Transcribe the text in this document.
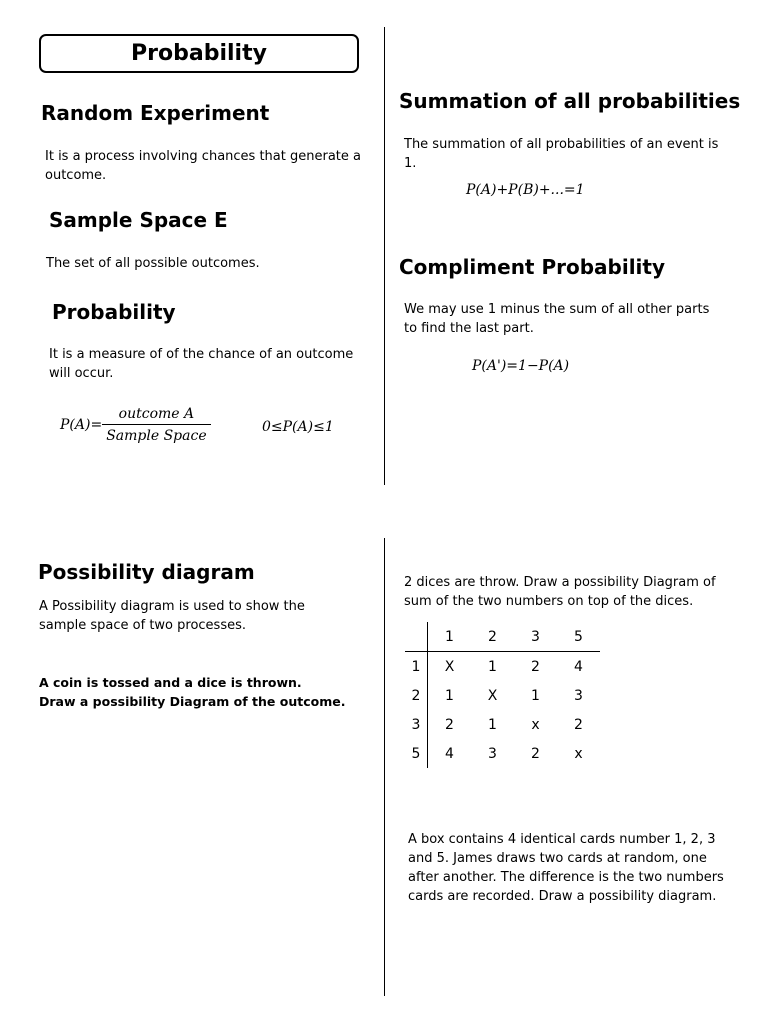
Probability
Random Experiment
It is a process involving chances that generate a outcome.
Sample Space E
The set of all possible outcomes.
Probability
It is a measure of of the chance of an outcome will occur.
$P(A)= \frac{\text{outcome A}}{\text{Sample Space}}$	0≤P(A)≤1
Summation of all probabilities
The summation of all probabilities of an event is 1.
P(A)+P(B)+...=1
Compliment Probability
We may use 1 minus the sum of all other parts to find the last part.
P(A')=1−P(A)
Possibility diagram
A Possibility diagram is used to show the sample space of two processes.
A coin is tossed and a dice is thrown.
Draw a possibility Diagram of the outcome.
2 dices are throw. Draw a possibility Diagram of sum of the two numbers on top of the dices.
	1	2	3	5
1	X	1	2	4
2	1	X	1	3
3	2	1	x	2
5	4	3	2	x
A box contains 4 identical cards number 1, 2, 3 and 5. James draws two cards at random, one after another. The difference is the two numbers cards are recorded. Draw a possibility diagram.
